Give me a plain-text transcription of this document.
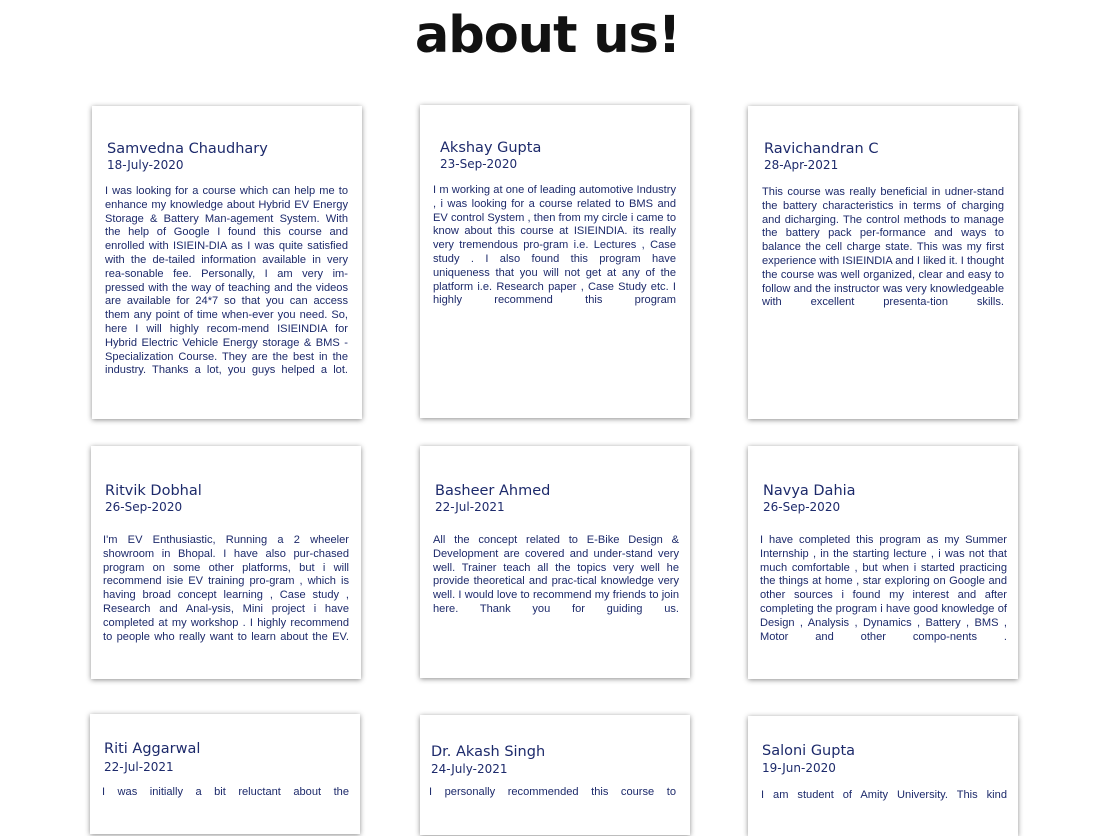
about us!
Samvedna Chaudhary
18-July-2020
I was looking for a course which can help me to enhance my knowledge about Hybrid EV Energy Storage & Battery Man-agement System. With the help of Google I found this course and enrolled with ISIEIN-DIA as I was quite satisfied with the de-tailed information available in very rea-sonable fee. Personally, I am very im-pressed with the way of teaching and the videos are available for 24*7 so that you can access them any point of time when-ever you need. So, here I will highly recom-mend ISIEINDIA for Hybrid Electric Vehicle Energy storage & BMS - Specialization Course. They are the best in the industry. Thanks a lot, you guys helped a lot.
Akshay Gupta
23-Sep-2020
I m working at one of leading automotive Industry , i was looking for a course related to BMS and EV control System , then from my circle i came to know about this course at ISIEINDIA. its really very tremendous pro-gram i.e. Lectures , Case study . I also found this program have uniqueness that you will not get at any of the platform i.e. Research paper , Case Study etc. I highly recommend this program
Ravichandran C
28-Apr-2021
This course was really beneficial in udner-stand the battery characteristics in terms of charging and dicharging. The control methods to manage the battery pack per-formance and ways to balance the cell charge state. This was my first experience with ISIEINDIA and I liked it. I thought the course was well organized, clear and easy to follow and the instructor was very knowledgeable with excellent presenta-tion skills.
Ritvik Dobhal
26-Sep-2020
I'm EV Enthusiastic, Running a 2 wheeler showroom in Bhopal. I have also pur-chased program on some other platforms, but i will recommend isie EV training pro-gram , which is having broad concept learning , Case study , Research and Anal-ysis, Mini project i have completed at my workshop . I highly recommend to people who really want to learn about the EV.
Basheer Ahmed
22-Jul-2021
All the concept related to E-Bike Design & Development are covered and under-stand very well. Trainer teach all the topics very well he provide theoretical and prac-tical knowledge very well. I would love to recommend my friends to join here. Thank you for guiding us.
Navya Dahia
26-Sep-2020
I have completed this program as my Summer Internship , in the starting lecture , i was not that much comfortable , but when i started practicing the things at home , star exploring on Google and other sources i found my interest and after completing the program i have good knowledge of Design , Analysis , Dynamics , Battery , BMS , Motor and other compo-nents .
Riti Aggarwal
22-Jul-2021
I was initially a bit reluctant about the
Dr. Akash Singh
24-July-2021
I personally recommended this course to
Saloni Gupta
19-Jun-2020
I am student of Amity University. This kind
